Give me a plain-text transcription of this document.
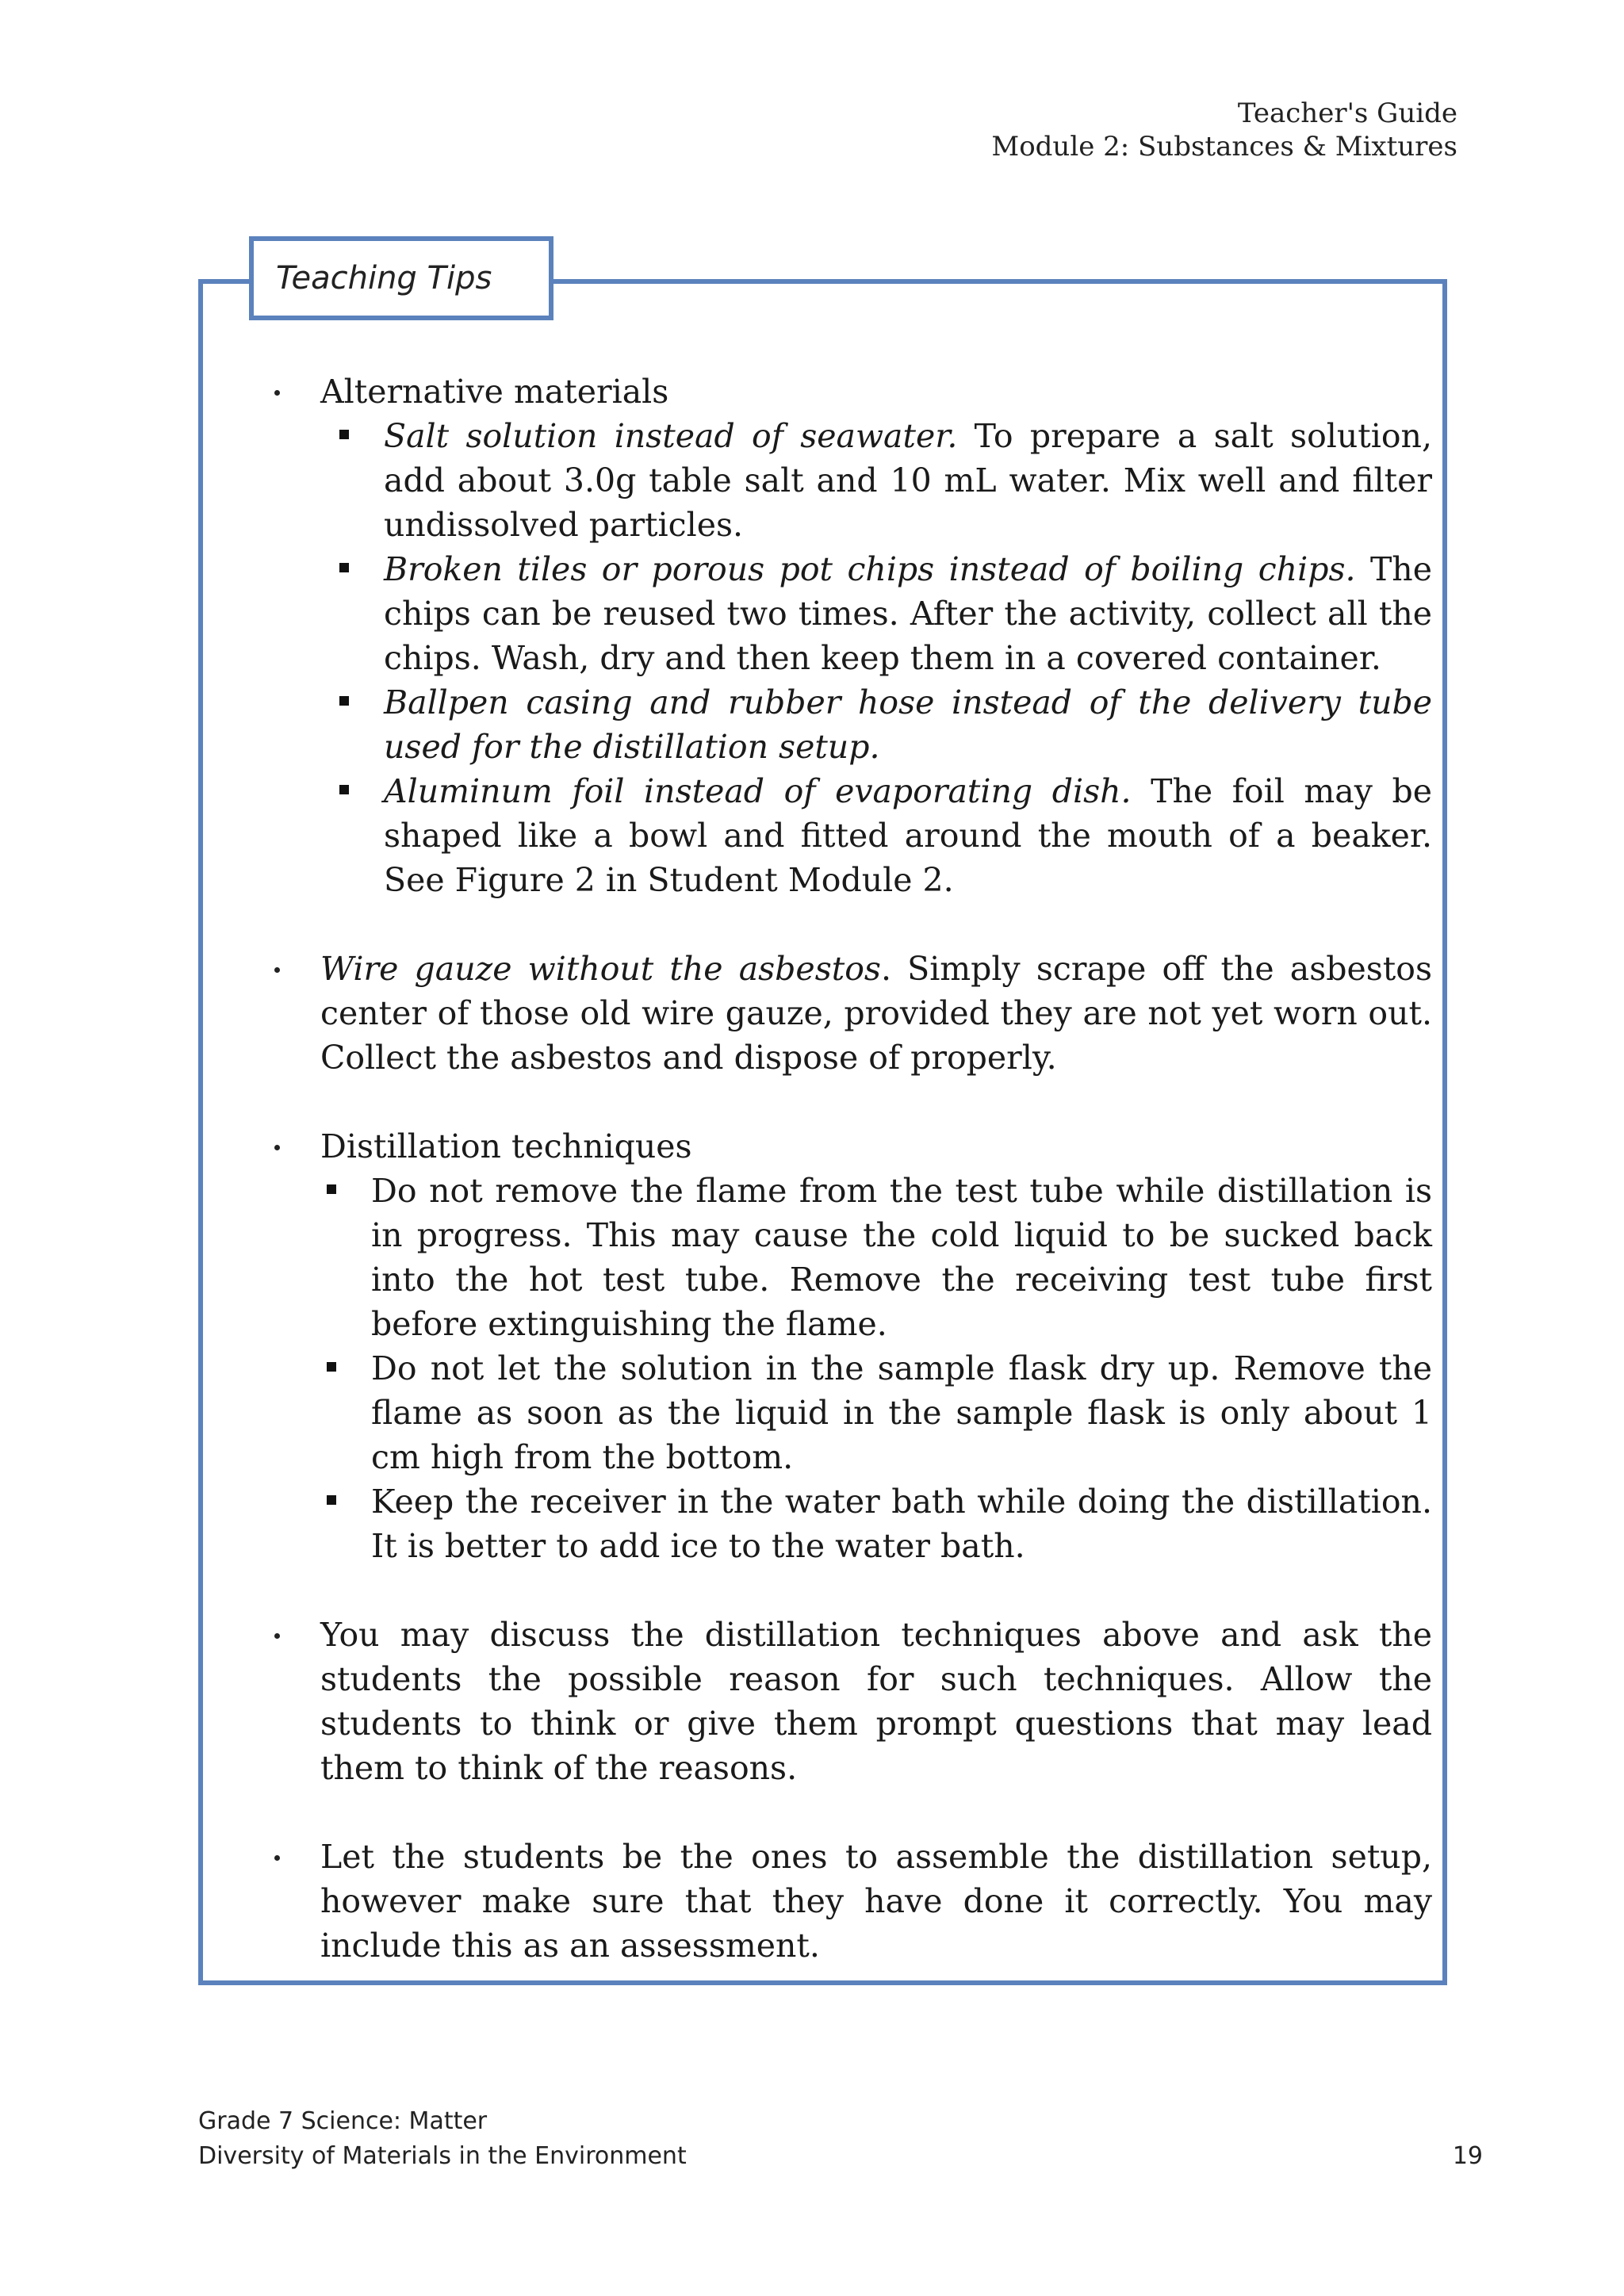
Teacher's Guide
Module 2: Substances & Mixtures
Teaching Tips
Alternative materials
Salt solution instead of seawater. To prepare a salt solution, add about 3.0g table salt and 10 mL water. Mix well and filter undissolved particles.
Broken tiles or porous pot chips instead of boiling chips. The chips can be reused two times. After the activity, collect all the chips. Wash, dry and then keep them in a covered container.
Ballpen casing and rubber hose instead of the delivery tube used for the distillation setup.
Aluminum foil instead of evaporating dish. The foil may be shaped like a bowl and fitted around the mouth of a beaker. See Figure 2 in Student Module 2.
Wire gauze without the asbestos. Simply scrape off the asbestos center of those old wire gauze, provided they are not yet worn out. Collect the asbestos and dispose of properly.
Distillation techniques
Do not remove the flame from the test tube while distillation is in progress. This may cause the cold liquid to be sucked back into the hot test tube. Remove the receiving test tube first before extinguishing the flame.
Do not let the solution in the sample flask dry up. Remove the flame as soon as the liquid in the sample flask is only about 1 cm high from the bottom.
Keep the receiver in the water bath while doing the distillation. It is better to add ice to the water bath.
You may discuss the distillation techniques above and ask the students the possible reason for such techniques. Allow the students to think or give them prompt questions that may lead them to think of the reasons.
Let the students be the ones to assemble the distillation setup, however make sure that they have done it correctly. You may include this as an assessment.
Grade 7 Science: Matter
Diversity of Materials in the Environment	19
